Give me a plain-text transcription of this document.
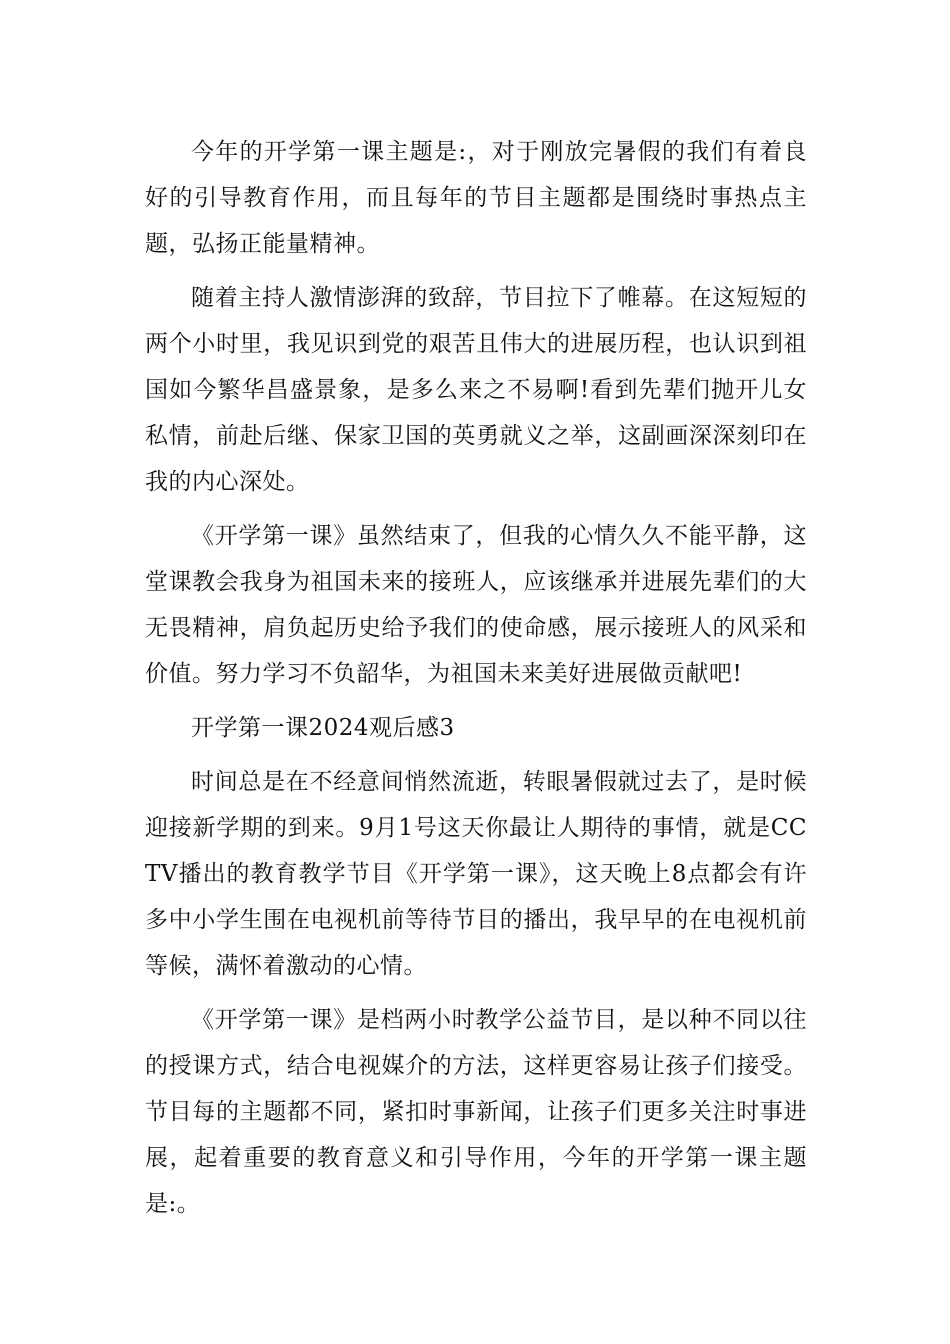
今年的开学第一课主题是:，对于刚放完暑假的我们有着良好的引导教育作用，而且每年的节目主题都是围绕时事热点主题，弘扬正能量精神。

随着主持人激情澎湃的致辞，节目拉下了帷幕。在这短短的两个小时里，我见识到党的艰苦且伟大的进展历程，也认识到祖国如今繁华昌盛景象，是多么来之不易啊!看到先辈们抛开儿女私情，前赴后继、保家卫国的英勇就义之举，这副画深深刻印在我的内心深处。

《开学第一课》虽然结束了，但我的心情久久不能平静，这堂课教会我身为祖国未来的接班人，应该继承并进展先辈们的大无畏精神，肩负起历史给予我们的使命感，展示接班人的风采和价值。努力学习不负韶华，为祖国未来美好进展做贡献吧!

开学第一课2024观后感3

时间总是在不经意间悄然流逝，转眼暑假就过去了，是时候迎接新学期的到来。9月1号这天你最让人期待的事情，就是CCTV播出的教育教学节目《开学第一课》，这天晚上8点都会有许多中小学生围在电视机前等待节目的播出，我早早的在电视机前等候，满怀着激动的心情。

《开学第一课》是档两小时教学公益节目，是以种不同以往的授课方式，结合电视媒介的方法，这样更容易让孩子们接受。节目每的主题都不同，紧扣时事新闻，让孩子们更多关注时事进展，起着重要的教育意义和引导作用，今年的开学第一课主题是:。
